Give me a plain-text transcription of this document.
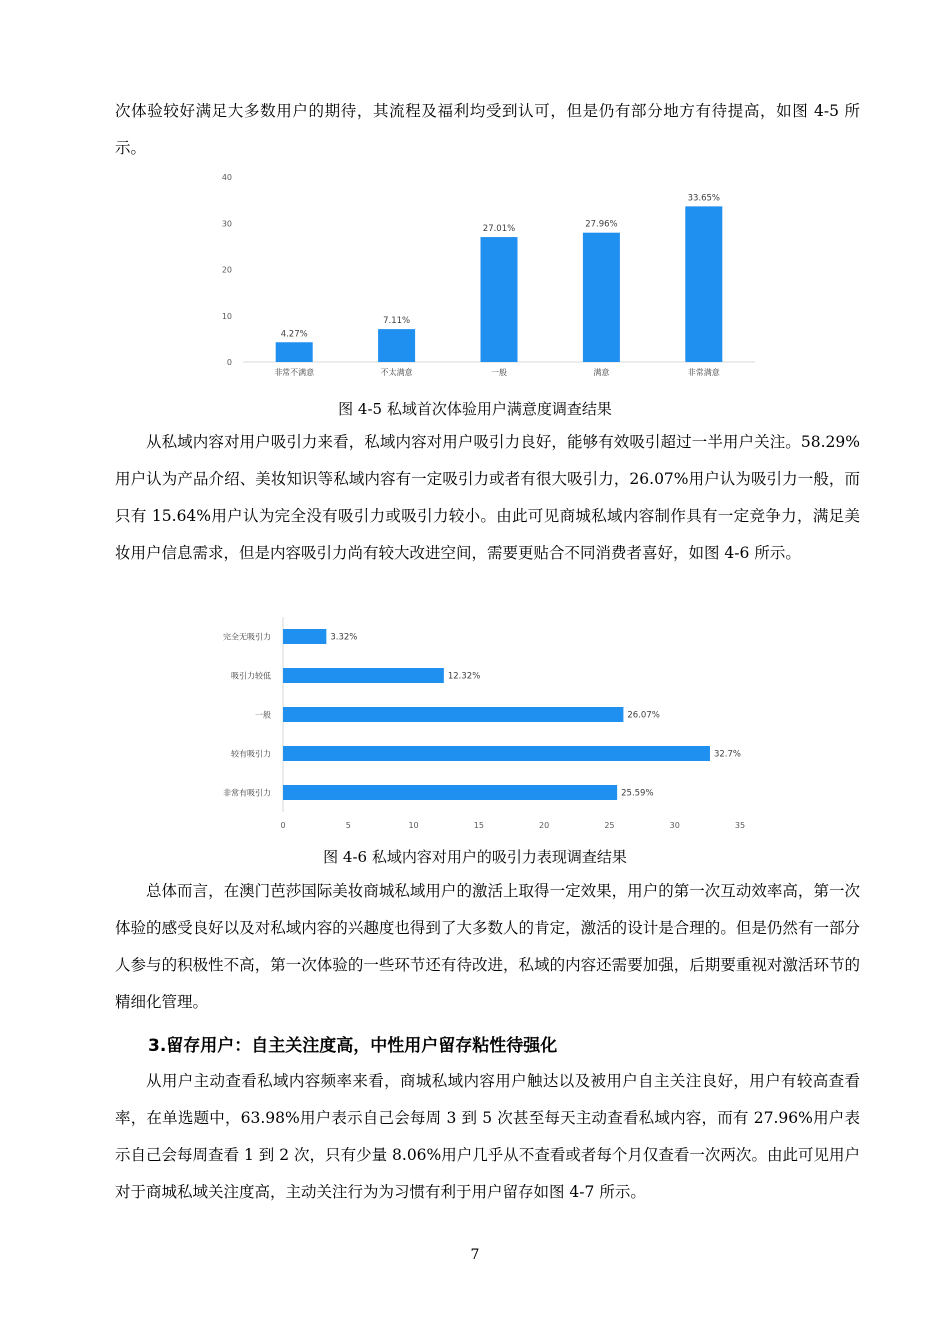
次体验较好满足大多数用户的期待，其流程及福利均受到认可，但是仍有部分地方有待提高，如图 4-5 所示。

0
10
20
30
40
4.27%
非常不满意
7.11%
不太满意
27.01%
一般
27.96%
满意
33.65%
非常满意
0	5	10	15	20	25	30	35
3.32%
完全无吸引力
12.32%
吸引力较低
26.07%
一般
32.7%
较有吸引力
25.59%
非常有吸引力

图 4-5 私域首次体验用户满意度调查结果

从私域内容对用户吸引力来看，私域内容对用户吸引力良好，能够有效吸引超过一半用户关注。58.29%用户认为产品介绍、美妆知识等私域内容有一定吸引力或者有很大吸引力，26.07%用户认为吸引力一般，而只有 15.64%用户认为完全没有吸引力或吸引力较小。由此可见商城私域内容制作具有一定竞争力，满足美妆用户信息需求，但是内容吸引力尚有较大改进空间，需要更贴合不同消费者喜好，如图 4-6 所示。

图 4-6 私域内容对用户的吸引力表现调查结果

总体而言，在澳门芭莎国际美妆商城私域用户的激活上取得一定效果，用户的第一次互动效率高，第一次体验的感受良好以及对私域内容的兴趣度也得到了大多数人的肯定，激活的设计是合理的。但是仍然有一部分人参与的积极性不高，第一次体验的一些环节还有待改进，私域的内容还需要加强，后期要重视对激活环节的精细化管理。

3.留存用户：自主关注度高，中性用户留存粘性待强化

从用户主动查看私域内容频率来看，商城私域内容用户触达以及被用户自主关注良好，用户有较高查看率，在单选题中，63.98%用户表示自己会每周 3 到 5 次甚至每天主动查看私域内容，而有 27.96%用户表示自己会每周查看 1 到 2 次，只有少量 8.06%用户几乎从不查看或者每个月仅查看一次两次。由此可见用户对于商城私域关注度高，主动关注行为为习惯有利于用户留存如图 4-7 所示。

7
